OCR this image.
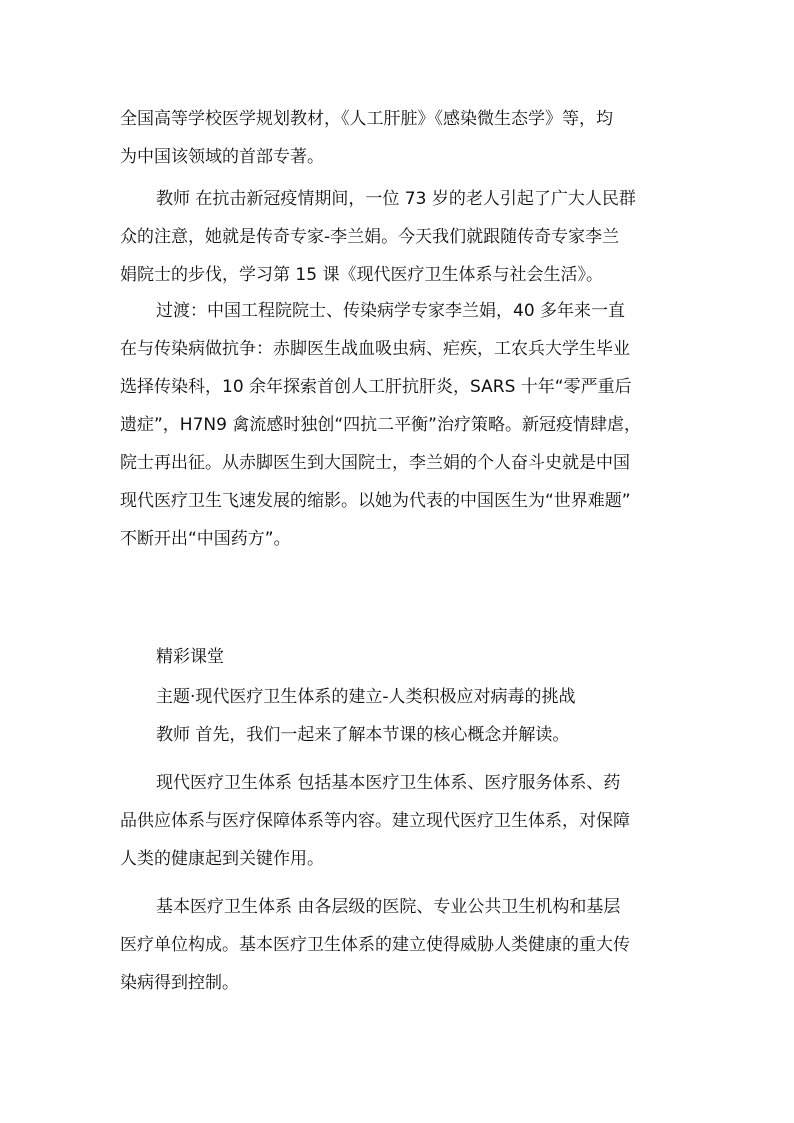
全国高等学校医学规划教材，《人工肝脏》《感染微生态学》等，均
为中国该领域的首部专著。
教师 在抗击新冠疫情期间，一位 73 岁的老人引起了广大人民群
众的注意，她就是传奇专家-李兰娟。今天我们就跟随传奇专家李兰
娟院士的步伐，学习第 15 课《现代医疗卫生体系与社会生活》。
过渡：中国工程院院士、传染病学专家李兰娟，40 多年来一直
在与传染病做抗争：赤脚医生战血吸虫病、疟疾，工农兵大学生毕业
选择传染科，10 余年探索首创人工肝抗肝炎，SARS 十年“零严重后
遗症”，H7N9 禽流感时独创“四抗二平衡”治疗策略。新冠疫情肆虐，
院士再出征。从赤脚医生到大国院士，李兰娟的个人奋斗史就是中国
现代医疗卫生飞速发展的缩影。以她为代表的中国医生为“世界难题”
不断开出“中国药方”。
精彩课堂
主题·现代医疗卫生体系的建立-人类积极应对病毒的挑战
教师 首先，我们一起来了解本节课的核心概念并解读。
现代医疗卫生体系 包括基本医疗卫生体系、医疗服务体系、药
品供应体系与医疗保障体系等内容。建立现代医疗卫生体系，对保障
人类的健康起到关键作用。
基本医疗卫生体系 由各层级的医院、专业公共卫生机构和基层
医疗单位构成。基本医疗卫生体系的建立使得威胁人类健康的重大传
染病得到控制。
